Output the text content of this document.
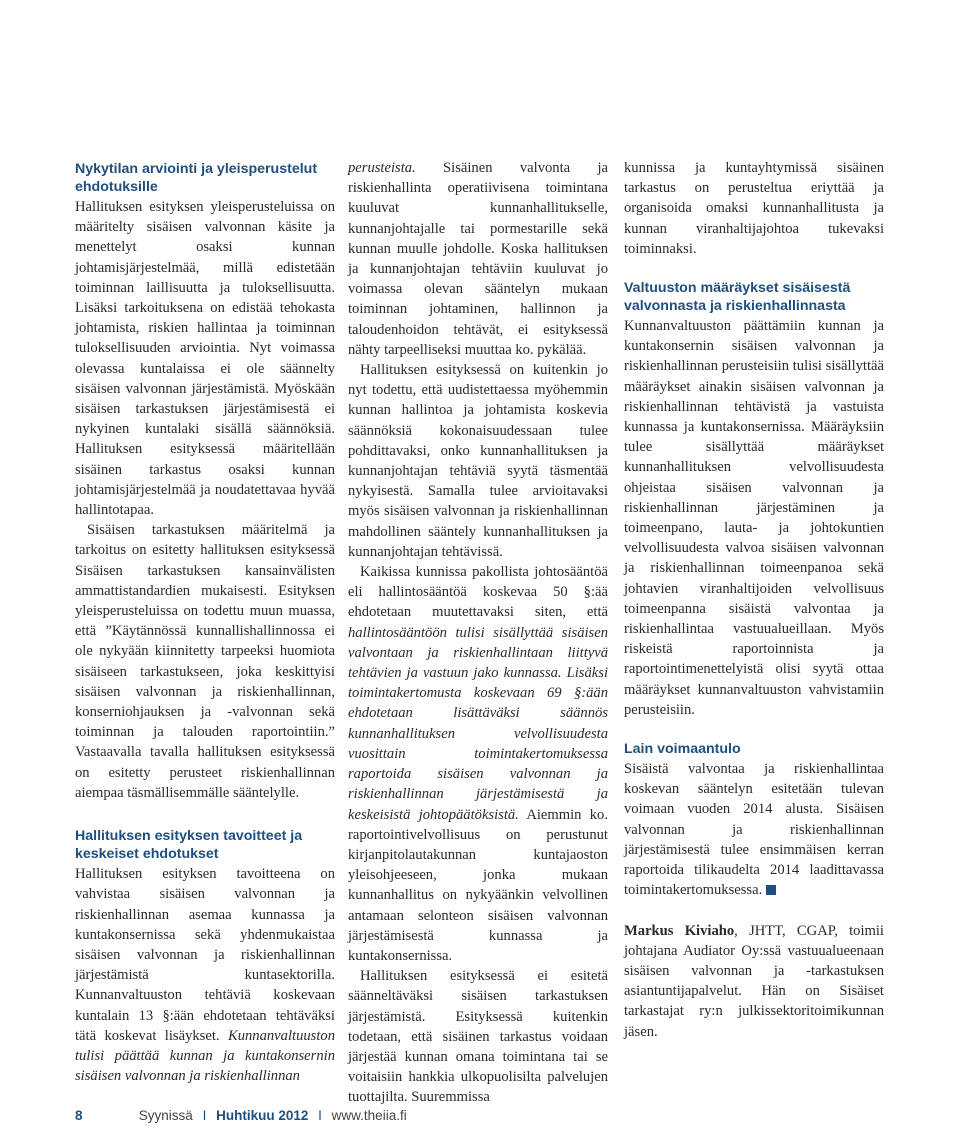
Nykytilan arviointi ja yleisperustelut ehdotuksille

Hallituksen esityksen yleisperusteluissa on määritelty sisäisen valvonnan käsite ja menettelyt osaksi kunnan johtamisjärjestelmää, millä edistetään toiminnan laillisuutta ja tuloksellisuutta. Lisäksi tarkoituksena on edistää tehokasta johtamista, riskien hallintaa ja toiminnan tuloksellisuuden arviointia. Nyt voimassa olevassa kuntalaissa ei ole säännelty sisäisen valvonnan järjestämistä. Myöskään sisäisen tarkastuksen järjestämisestä ei nykyinen kuntalaki sisällä säännöksiä. Hallituksen esityksessä määritellään sisäinen tarkastus osaksi kunnan johtamisjärjestelmää ja noudatettavaa hyvää hallintotapaa.

Sisäisen tarkastuksen määritelmä ja tarkoitus on esitetty hallituksen esityksessä Sisäisen tarkastuksen kansainvälisten ammattistandardien mukaisesti. Esityksen yleisperusteluissa on todettu muun muassa, että ”Käytännössä kunnallishallinnossa ei ole nykyään kiinnitetty tarpeeksi huomiota sisäiseen tarkastukseen, joka keskittyisi sisäisen valvonnan ja riskienhallinnan, konserniohjauksen ja -valvonnan sekä toiminnan ja talouden raportointiin.” Vastaavalla tavalla hallituksen esityksessä on esitetty perusteet riskienhallinnan aiempaa täsmällisemmälle sääntelylle.

Hallituksen esityksen tavoitteet ja keskeiset ehdotukset

Hallituksen esityksen tavoitteena on vahvistaa sisäisen valvonnan ja riskienhallinnan asemaa kunnassa ja kuntakonsernissa sekä yhdenmukaistaa sisäisen valvonnan ja riskienhallinnan järjestämistä kuntasektorilla. Kunnanvaltuuston tehtäviä koskevaan kuntalain 13 §:ään ehdotetaan tehtäväksi tätä koskevat lisäykset. Kunnanvaltuuston tulisi päättää kunnan ja kuntakonsernin sisäisen valvonnan ja riskienhallinnan

perusteista. Sisäinen valvonta ja riskienhallinta operatiivisena toimintana kuuluvat kunnanhallitukselle, kunnanjohtajalle tai pormestarille sekä kunnan muulle johdolle. Koska hallituksen ja kunnanjohtajan tehtäviin kuuluvat jo voimassa olevan sääntelyn mukaan toiminnan johtaminen, hallinnon ja taloudenhoidon tehtävät, ei esityksessä nähty tarpeelliseksi muuttaa ko. pykälää.

Hallituksen esityksessä on kuitenkin jo nyt todettu, että uudistettaessa myöhemmin kunnan hallintoa ja johtamista koskevia säännöksiä kokonaisuudessaan tulee pohdittavaksi, onko kunnanhallituksen ja kunnanjohtajan tehtäviä syytä täsmentää nykyisestä. Samalla tulee arvioitavaksi myös sisäisen valvonnan ja riskienhallinnan mahdollinen sääntely kunnanhallituksen ja kunnanjohtajan tehtävissä.

Kaikissa kunnissa pakollista johtosääntöä eli hallintosääntöä koskevaa 50 §:ää ehdotetaan muutettavaksi siten, että hallintosääntöön tulisi sisällyttää sisäisen valvontaan ja riskienhallintaan liittyvä tehtävien ja vastuun jako kunnassa. Lisäksi toimintakertomusta koskevaan 69 §:ään ehdotetaan lisättäväksi säännös kunnanhallituksen velvollisuudesta vuosittain toimintakertomuksessa raportoida sisäisen valvonnan ja riskienhallinnan järjestämisestä ja keskeisistä johtopäätöksistä. Aiemmin ko. raportointivelvollisuus on perustunut kirjanpitolautakunnan kuntajaoston yleisohjeeseen, jonka mukaan kunnanhallitus on nykyäänkin velvollinen antamaan selonteon sisäisen valvonnan järjestämisestä kunnassa ja kuntakonsernissa.

Hallituksen esityksessä ei esitetä säänneltäväksi sisäisen tarkastuksen järjestämistä. Esityksessä kuitenkin todetaan, että sisäinen tarkastus voidaan järjestää kunnan omana toimintana tai se voitaisiin hankkia ulkopuolisilta palvelujen tuottajilta. Suuremmissa

kunnissa ja kuntayhtymissä sisäinen tarkastus on perusteltua eriyttää ja organisoida omaksi kunnanhallitusta ja kunnan viranhaltijajohtoa tukevaksi toiminnaksi.

Valtuuston määräykset sisäisestä valvonnasta ja riskienhallinnasta

Kunnanvaltuuston päättämiin kunnan ja kuntakonsernin sisäisen valvonnan ja riskienhallinnan perusteisiin tulisi sisällyttää määräykset ainakin sisäisen valvonnan ja riskienhallinnan tehtävistä ja vastuista kunnassa ja kuntakonsernissa. Määräyksiin tulee sisällyttää määräykset kunnanhallituksen velvollisuudesta ohjeistaa sisäisen valvonnan ja riskienhallinnan järjestäminen ja toimeenpano, lauta- ja johtokuntien velvollisuudesta valvoa sisäisen valvonnan ja riskienhallinnan toimeenpanoa sekä johtavien viranhaltijoiden velvollisuus toimeenpanna sisäistä valvontaa ja riskienhallintaa vastuualueillaan. Myös riskeistä raportoinnista ja raportointimenettelyistä olisi syytä ottaa määräykset kunnanvaltuuston vahvistamiin perusteisiin.

Lain voimaantulo

Sisäistä valvontaa ja riskienhallintaa koskevan sääntelyn esitetään tulevan voimaan vuoden 2014 alusta. Sisäisen valvonnan ja riskienhallinnan järjestämisestä tulee ensimmäisen kerran raportoida tilikaudelta 2014 laadittavassa toimintakertomuksessa.

Markus Kiviaho, JHTT, CGAP, toimii johtajana Audiator Oy:ssä vastuualueenaan sisäisen valvonnan ja -tarkastuksen asiantuntijapalvelut. Hän on Sisäiset tarkastajat ry:n julkissektoritoimikunnan jäsen.

8	Syynissä I Huhtikuu 2012 I www.theiia.fi
